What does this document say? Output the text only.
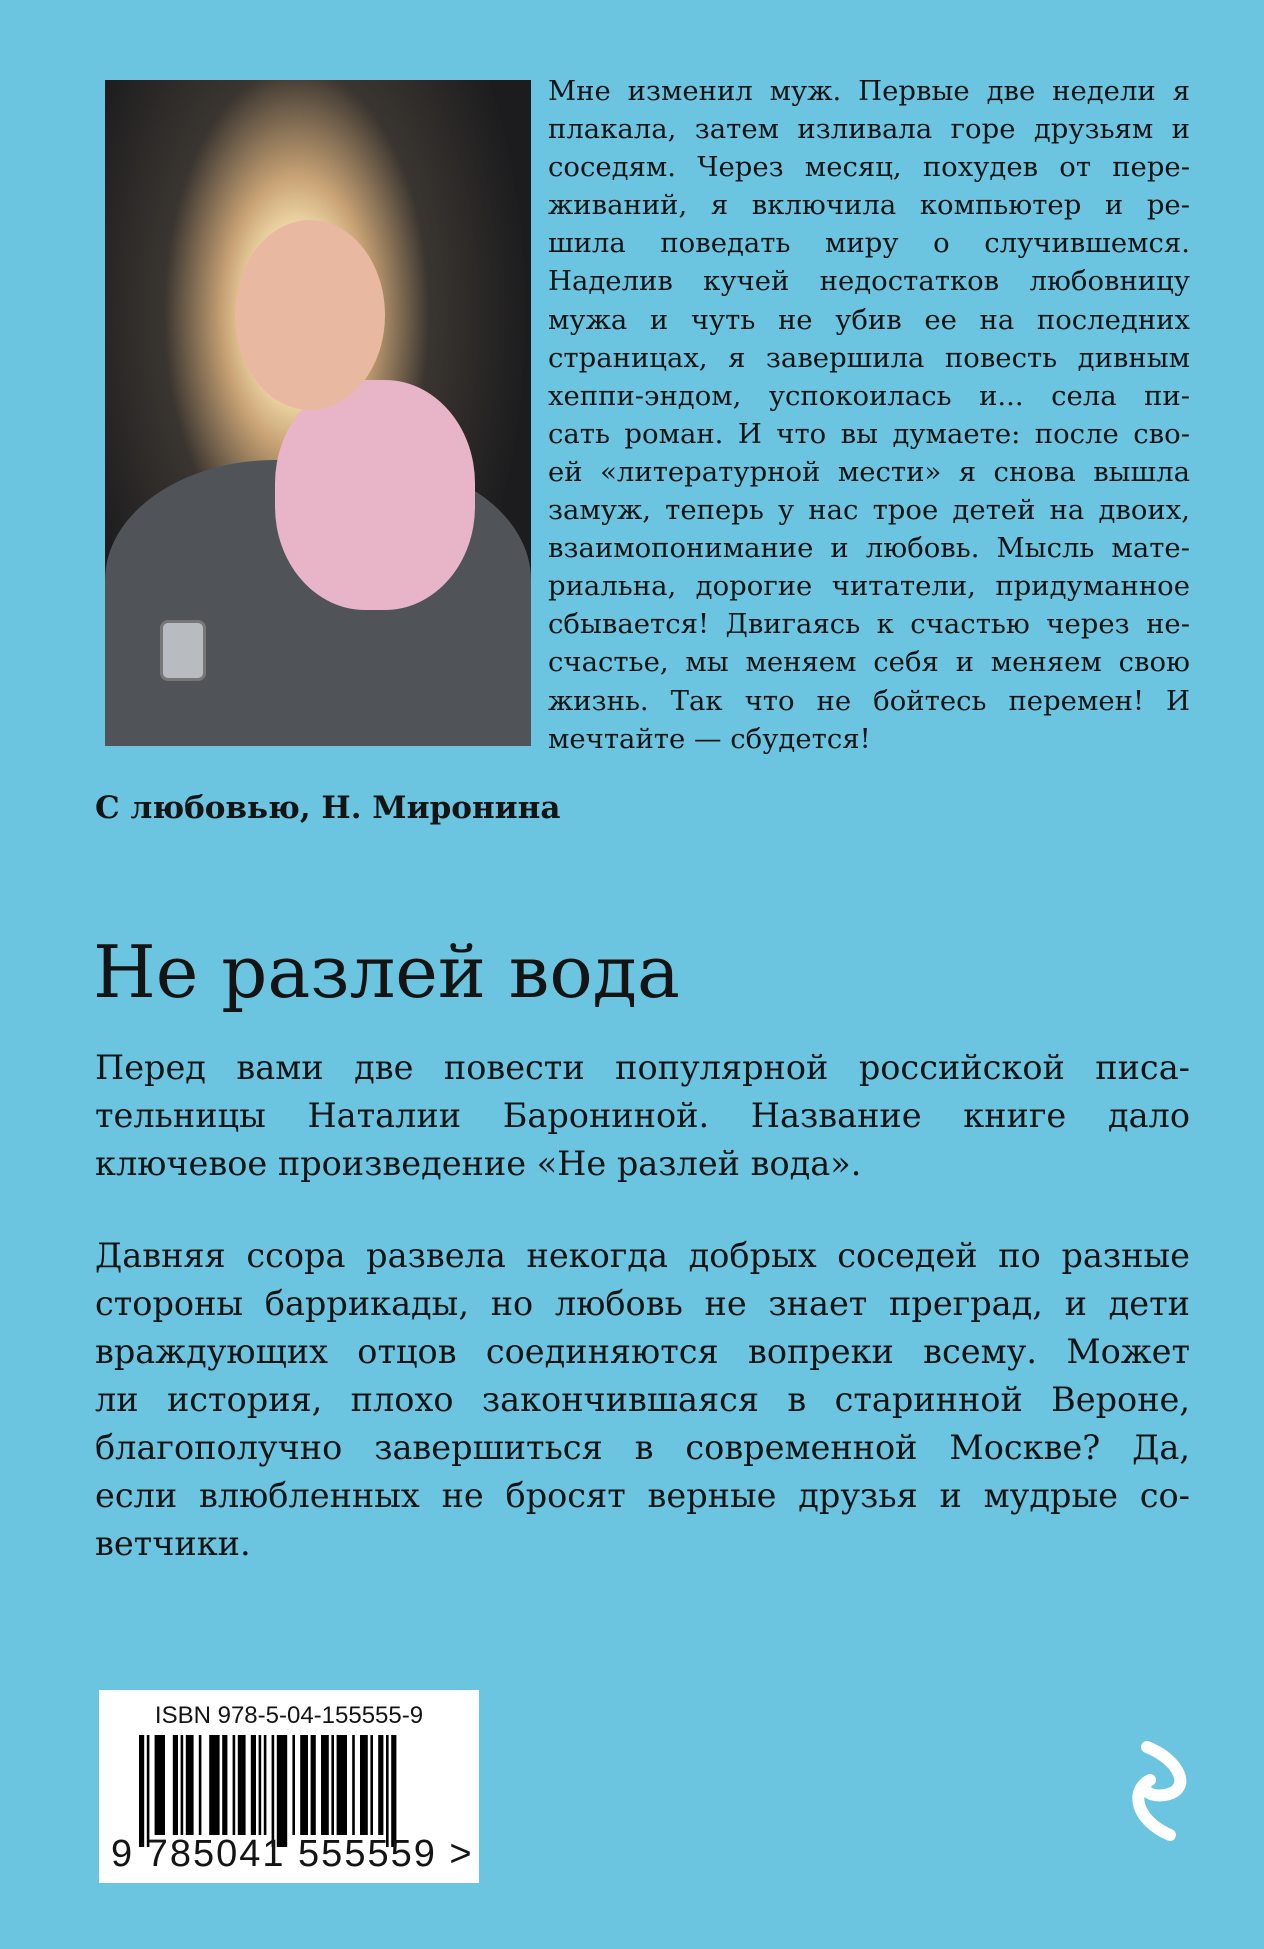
Мне изменил муж. Первые две недели я
плакала, затем изливала горе друзьям и
соседям. Через месяц, похудев от пере-
живаний, я включила компьютер и ре-
шила поведать миру о случившемся.
Наделив кучей недостатков любовницу
мужа и чуть не убив ее на последних
страницах, я завершила повесть дивным
хеппи-эндом, успокоилась и... села пи-
сать роман. И что вы думаете: после сво-
ей «литературной мести» я снова вышла
замуж, теперь у нас трое детей на двоих,
взаимопонимание и любовь. Мысль мате-
риальна, дорогие читатели, придуманное
сбывается! Двигаясь к счастью через не-
счастье, мы меняем себя и меняем свою
жизнь. Так что не бойтесь перемен! И
мечтайте — сбудется!
С любовью, Н. Миронина
Не разлей вода
Перед вами две повести популярной российской писа-
тельницы Наталии Барониной. Название книге дало
ключевое произведение «Не разлей вода».
Давняя ссора развела некогда добрых соседей по разные
стороны баррикады, но любовь не знает преград, и дети
враждующих отцов соединяются вопреки всему. Может
ли история, плохо закончившаяся в старинной Вероне,
благополучно завершиться в современной Москве? Да,
если влюбленных не бросят верные друзья и мудрые со-
ветчики.
ISBN 978-5-04-155555-9
9 785041 555559 >
